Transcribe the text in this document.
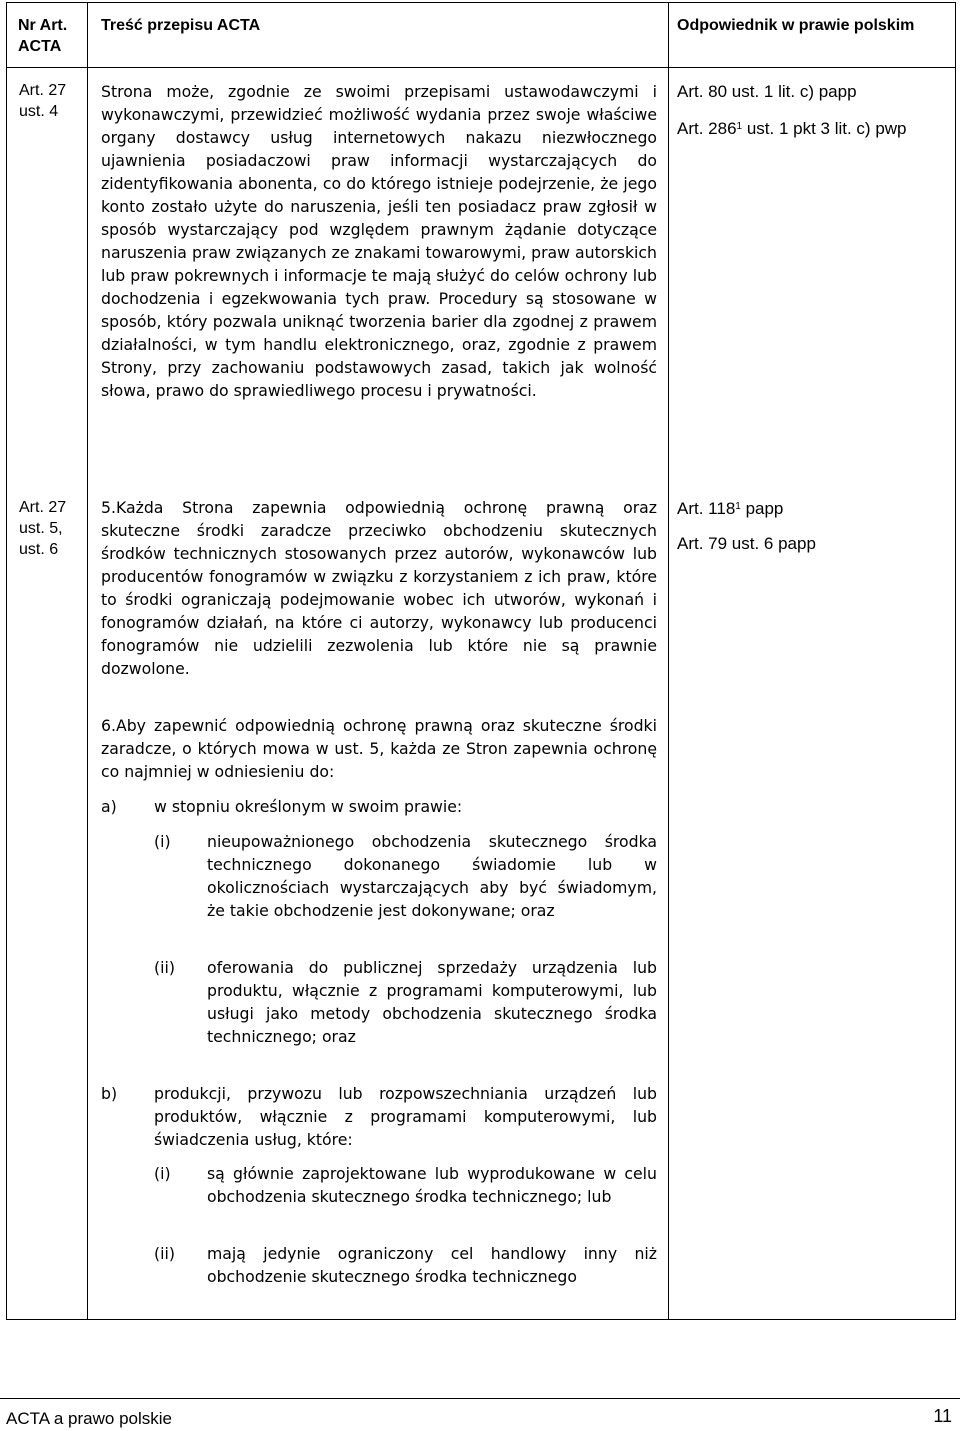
Nr Art. ACTA
Treść przepisu ACTA	Odpowiednik w prawie polskim
Art. 27 ust. 4

Strona może, zgodnie ze swoimi przepisami ustawodawczymi i wykonawczymi, przewidzieć możliwość wydania przez swoje właściwe organy dostawcy usług internetowych nakazu niezwłocznego ujawnienia posiadaczowi praw informacji wystarczających do zidentyfikowania abonenta, co do którego istnieje podejrzenie, że jego konto zostało użyte do naruszenia, jeśli ten posiadacz praw zgłosił w sposób wystarczający pod względem prawnym żądanie dotyczące naruszenia praw związanych ze znakami towarowymi, praw autorskich lub praw pokrewnych i informacje te mają służyć do celów ochrony lub dochodzenia i egzekwowania tych praw. Procedury są stosowane w sposób, który pozwala uniknąć tworzenia barier dla zgodnej z prawem działalności, w tym handlu elektronicznego, oraz, zgodnie z prawem Strony, przy zachowaniu podstawowych zasad, takich jak wolność słowa, prawo do sprawiedliwego procesu i prywatności.

Art. 80 ust. 1 lit. c) papp
Art. $286^1$ ust. 1 pkt 3 lit. c) pwp
Art. 27 ust. 5, ust. 6

5.Każda Strona zapewnia odpowiednią ochronę prawną oraz skuteczne środki zaradcze przeciwko obchodzeniu skutecznych środków technicznych stosowanych przez autorów, wykonawców lub producentów fonogramów w związku z korzystaniem z ich praw, które to środki ograniczają podejmowanie wobec ich utworów, wykonań i fonogramów działań, na które ci autorzy, wykonawcy lub producenci fonogramów nie udzielili zezwolenia lub które nie są prawnie dozwolone.

6.Aby zapewnić odpowiednią ochronę prawną oraz skuteczne środki zaradcze, o których mowa w ust. 5, każda ze Stron zapewnia ochronę co najmniej w odniesieniu do:

a) w stopniu określonym w swoim prawie:

(i) nieupoważnionego obchodzenia skutecznego środka technicznego dokonanego świadomie lub w okolicznościach wystarczających aby być świadomym, że takie obchodzenie jest dokonywane; oraz

(ii) oferowania do publicznej sprzedaży urządzenia lub produktu, włącznie z programami komputerowymi, lub usługi jako metody obchodzenia skutecznego środka technicznego; oraz

b) produkcji, przywozu lub rozpowszechniania urządzeń lub produktów, włącznie z programami komputerowymi, lub świadczenia usług, które:

(i) są głównie zaprojektowane lub wyprodukowane w celu obchodzenia skutecznego środka technicznego; lub

(ii) mają jedynie ograniczony cel handlowy inny niż obchodzenie skutecznego środka technicznego

Art. $118^1$ papp
Art. 79 ust. 6 papp
ACTA a prawo polskie	11
